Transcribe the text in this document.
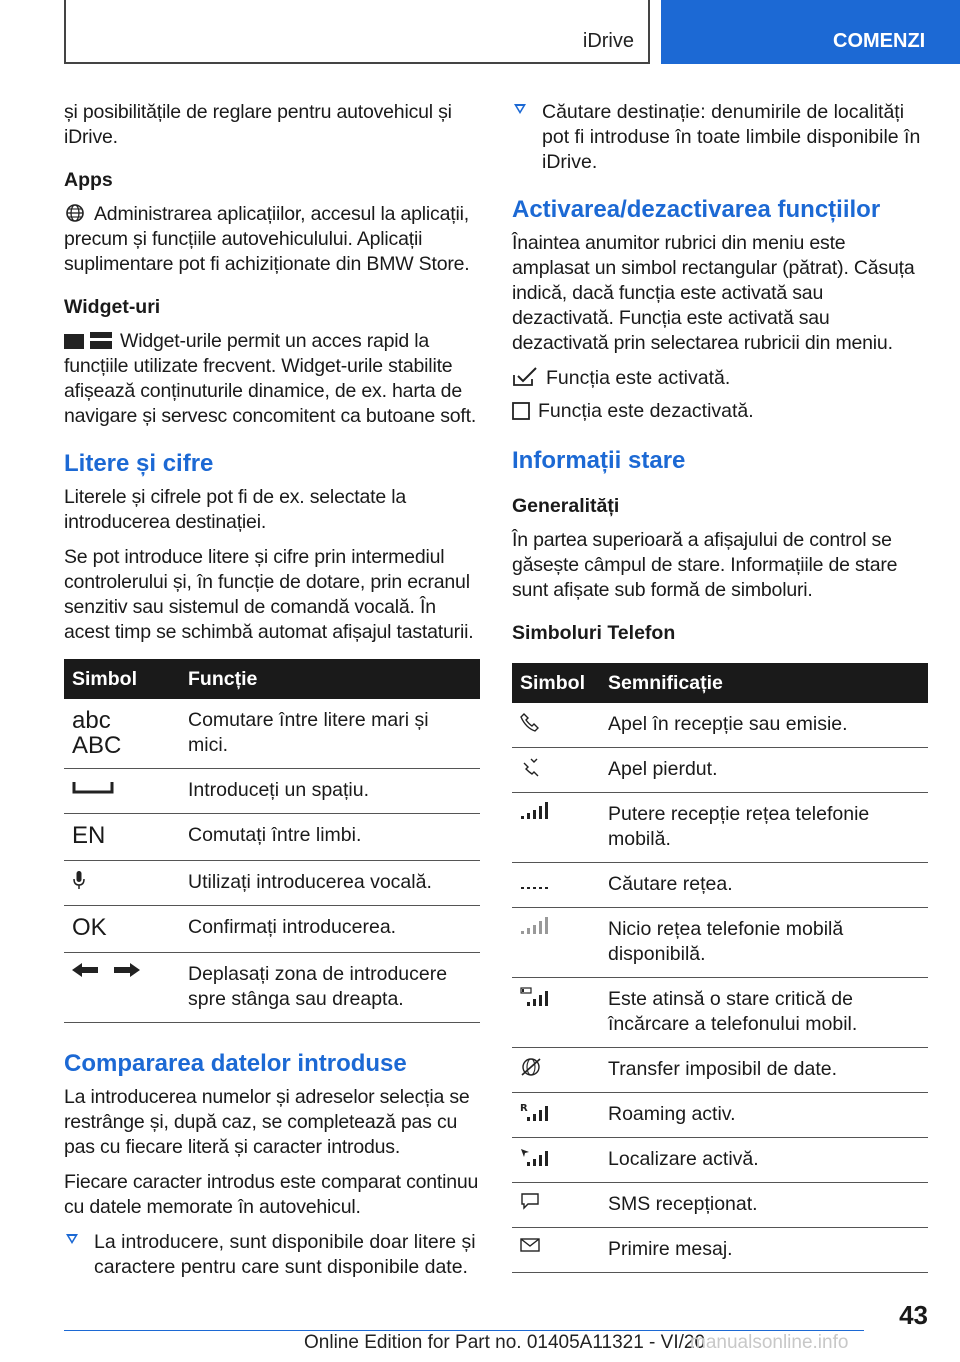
iDrive	COMENZI

și posibilitățile de reglare pentru autovehicul și iDrive.

Apps

Administrarea aplicațiilor, accesul la aplicații, precum și funcțiile autovehiculului. Aplicații suplimentare pot fi achiziționate din BMW Store.

Widget-uri

Widget-urile permit un acces rapid la funcțiile utilizate frecvent. Widget-urile stabilite afișează conținuturile dinamice, de ex. harta de navigare și servesc concomitent ca butoane soft.

Litere și cifre

Literele și cifrele pot fi de ex. selectate la introducerea destinației.

Se pot introduce litere și cifre prin intermediul controlerului și, în funcție de dotare, prin ecranul senzitiv sau sistemul de comandă vocală. În acest timp se schimbă automat afișajul tastaturii.

Simbol	Funcție

abc
ABC	Comutare între litere mari și mici.

	Introduceți un spațiu.
EN	Comutați între limbi.

	Utilizați introducerea vocală.
OK	Confirmați introducerea.

	Deplasați zona de introducere spre stânga sau dreapta.
Compararea datelor introduse

La introducerea numelor și adreselor selecția se restrânge și, după caz, se completează pas cu pas cu fiecare literă și caracter introdus.

Fiecare caracter introdus este comparat continuu cu datele memorate în autovehicul.

La introducere, sunt disponibile doar litere și caractere pentru care sunt disponibile date.
Căutare destinație: denumirile de localități pot fi introduse în toate limbile disponibile în iDrive.
Activarea/dezactivarea funcțiilor

Înaintea anumitor rubrici din meniu este amplasat un simbol rectangular (pătrat). Căsuța indică, dacă funcția este activată sau dezactivată. Funcția este activată sau dezactivată prin selectarea rubricii din meniu.

Funcția este activată.
Funcția este dezactivată.
Informații stare
Generalități

În partea superioară a afișajului de control se găsește câmpul de stare. Informațiile de stare sunt afișate sub formă de simboluri.

Simboluri Telefon
Simbol	Semnificație

	Apel în recepție sau emisie.

	Apel pierdut.

	Putere recepție rețea telefonie mobilă.

	Căutare rețea.

	Nicio rețea telefonie mobilă disponibilă.

	Este atinsă o stare critică de încărcare a telefonului mobil.

	Transfer imposibil de date.

R	Roaming activ.

	Localizare activă.

	SMS recepționat.

	Primire mesaj.
43
Online Edition for Part no. 01405A11321 - VI/20
manualsonline.info
